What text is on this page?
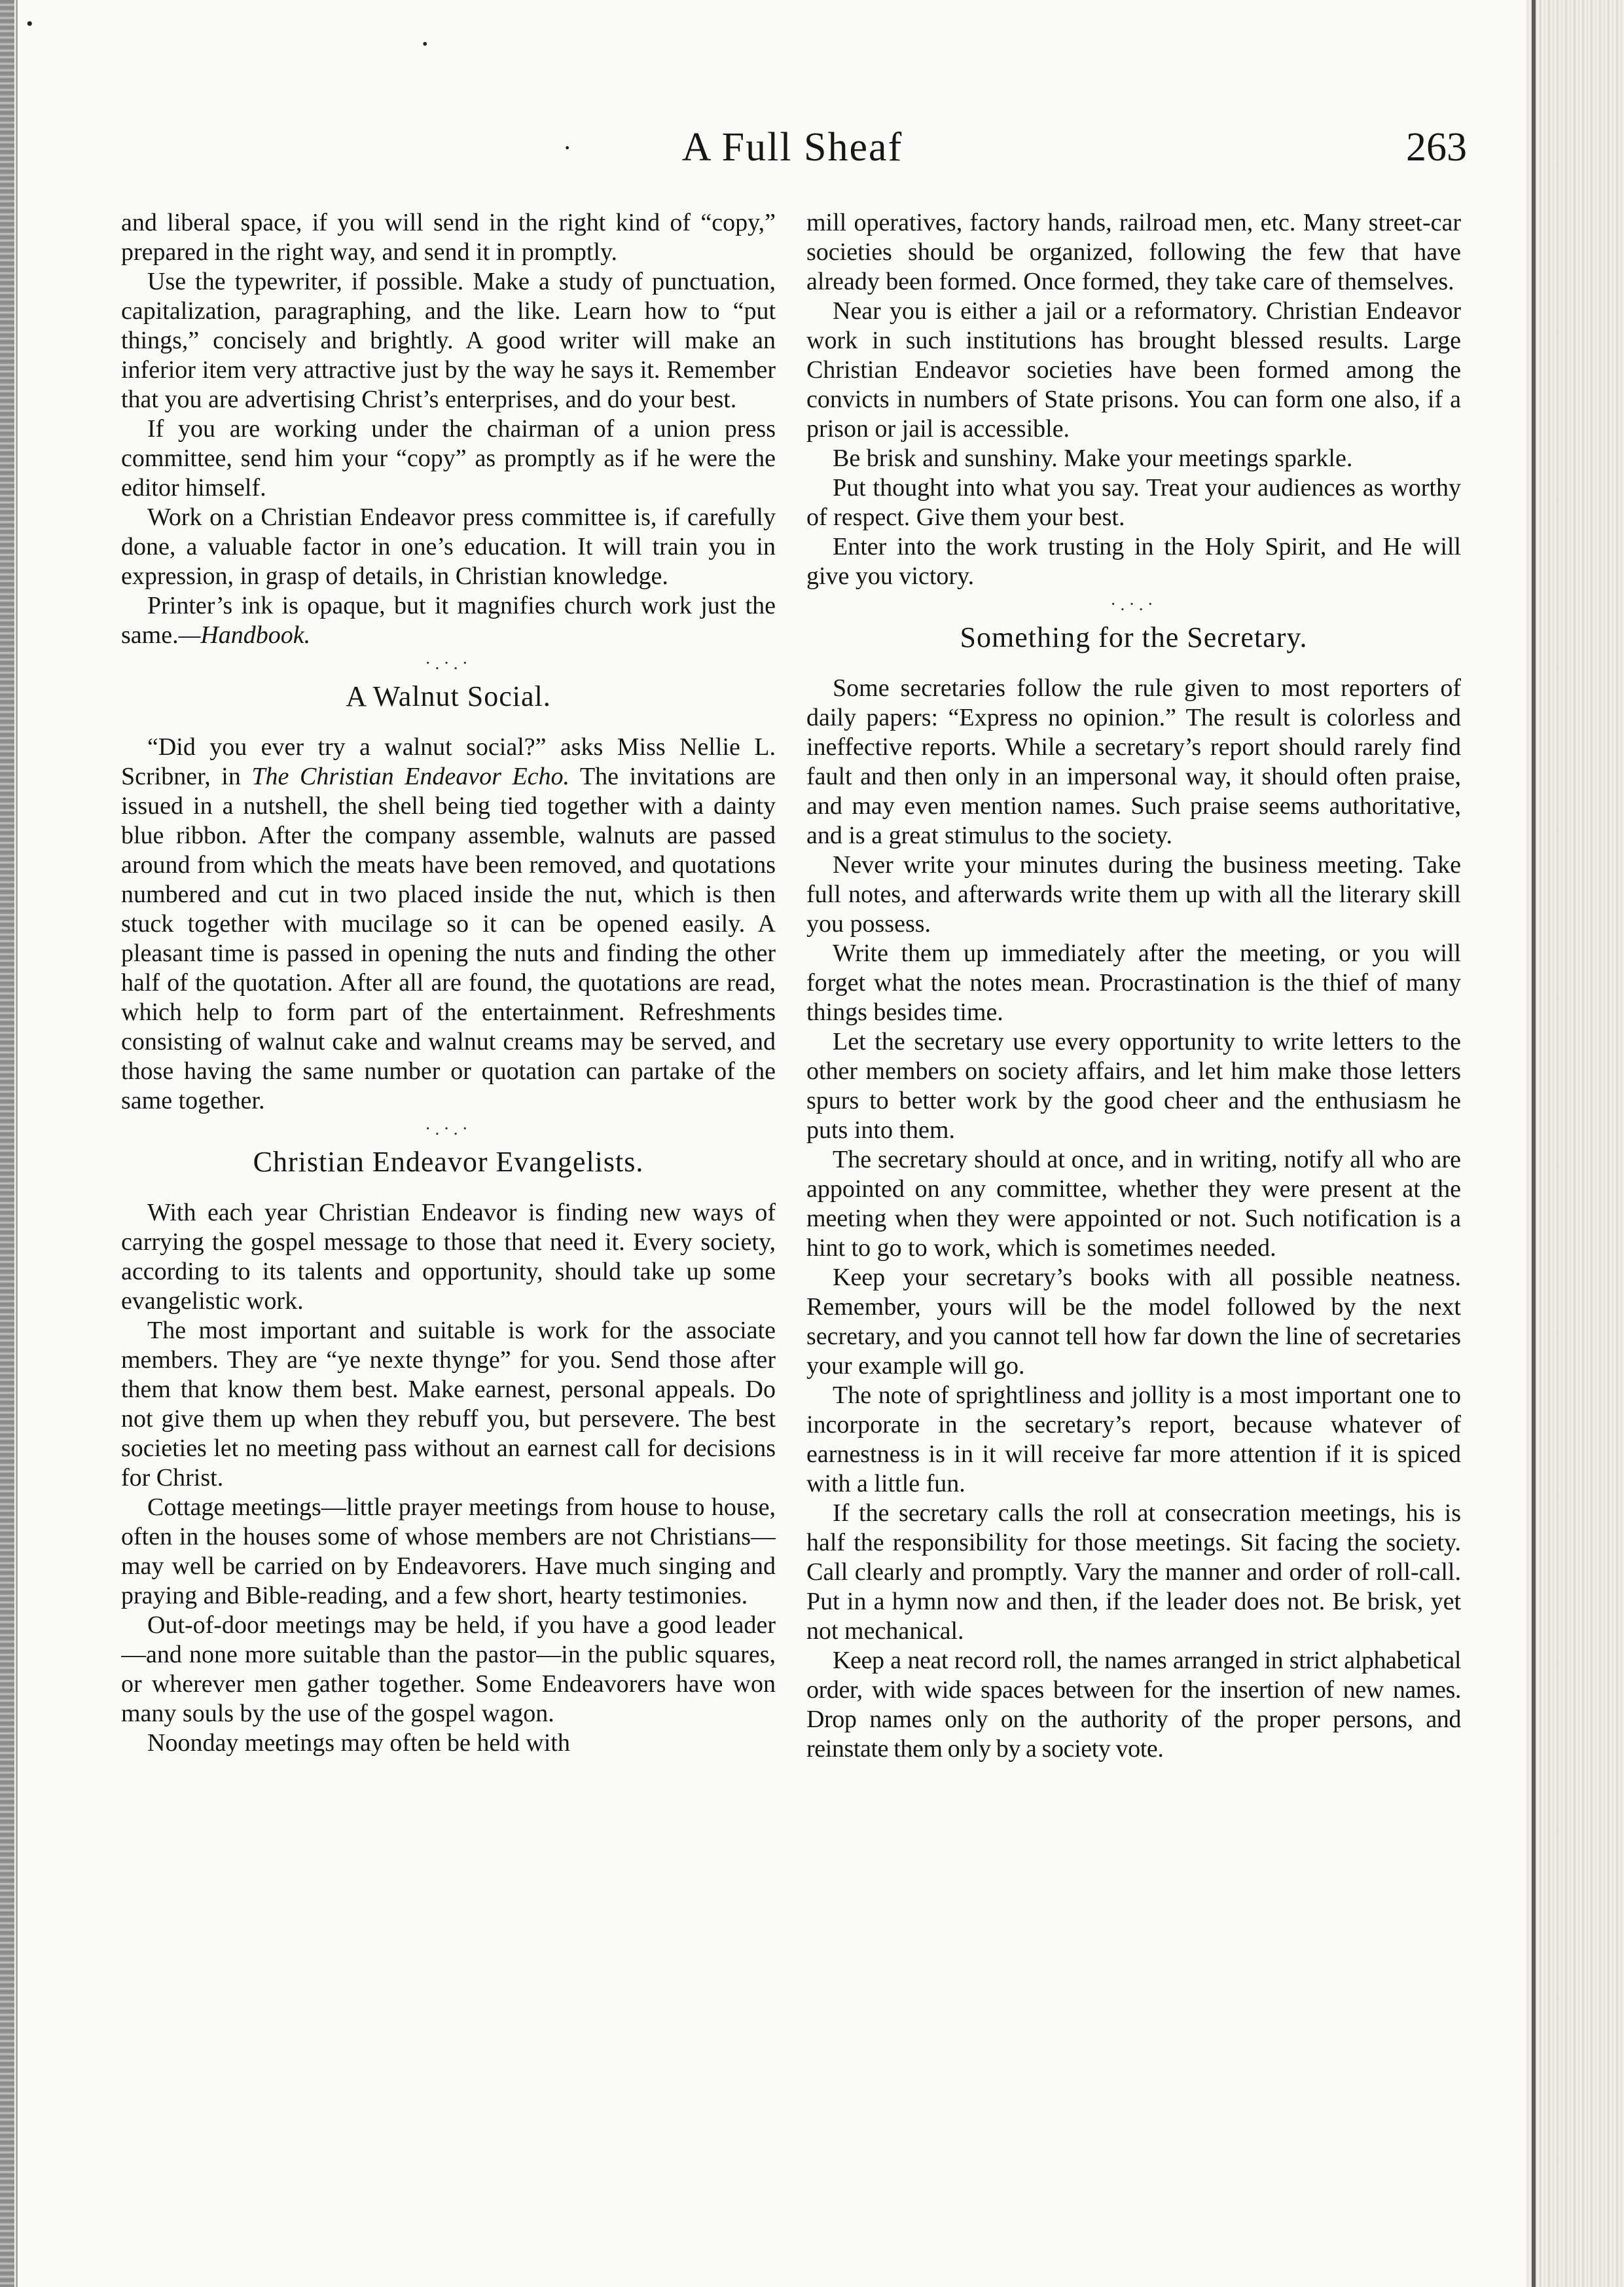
•
•
·	A Full Sheaf	263

and liberal space, if you will send in the right kind of “copy,” prepared in the right way, and send it in promptly.

Use the typewriter, if possible. Make a study of punctuation, capitalization, paragraphing, and the like. Learn how to “put things,” concisely and brightly. A good writer will make an inferior item very attractive just by the way he says it. Remember that you are advertising Christ’s enterprises, and do your best.

If you are working under the chairman of a union press committee, send him your “copy” as promptly as if he were the editor himself.

Work on a Christian Endeavor press committee is, if carefully done, a valuable factor in one’s education. It will train you in expression, in grasp of details, in Christian knowledge.

Printer’s ink is opaque, but it magnifies church work just the same.—Handbook.

·.·.·
A Walnut Social.

“Did you ever try a walnut social?” asks Miss Nellie L. Scribner, in The Christian Endeavor Echo. The invitations are issued in a nutshell, the shell being tied together with a dainty blue ribbon. After the company assemble, walnuts are passed around from which the meats have been removed, and quotations numbered and cut in two placed inside the nut, which is then stuck together with mucilage so it can be opened easily. A pleasant time is passed in opening the nuts and finding the other half of the quotation. After all are found, the quotations are read, which help to form part of the entertainment. Refreshments consisting of walnut cake and walnut creams may be served, and those having the same number or quotation can partake of the same together.

·.·.·
Christian Endeavor Evangelists.

With each year Christian Endeavor is finding new ways of carrying the gospel message to those that need it. Every society, according to its talents and opportunity, should take up some evangelistic work.

The most important and suitable is work for the associate members. They are “ye nexte thynge” for you. Send those after them that know them best. Make earnest, personal appeals. Do not give them up when they rebuff you, but persevere. The best societies let no meeting pass without an earnest call for decisions for Christ.

Cottage meetings—little prayer meetings from house to house, often in the houses some of whose members are not Christians—may well be carried on by Endeavorers. Have much singing and praying and Bible-reading, and a few short, hearty testimonies.

Out-of-door meetings may be held, if you have a good leader—and none more suitable than the pastor—in the public squares, or wherever men gather together. Some Endeavorers have won many souls by the use of the gospel wagon.

Noonday meetings may often be held with

mill operatives, factory hands, railroad men, etc. Many street-car societies should be organized, following the few that have already been formed. Once formed, they take care of themselves.

Near you is either a jail or a reformatory. Christian Endeavor work in such institutions has brought blessed results. Large Christian Endeavor societies have been formed among the convicts in numbers of State prisons. You can form one also, if a prison or jail is accessible.

Be brisk and sunshiny. Make your meetings sparkle.

Put thought into what you say. Treat your audiences as worthy of respect. Give them your best.

Enter into the work trusting in the Holy Spirit, and He will give you victory.

·.·.·
Something for the Secretary.

Some secretaries follow the rule given to most reporters of daily papers: “Express no opinion.” The result is colorless and ineffective reports. While a secretary’s report should rarely find fault and then only in an impersonal way, it should often praise, and may even mention names. Such praise seems authoritative, and is a great stimulus to the society.

Never write your minutes during the business meeting. Take full notes, and afterwards write them up with all the literary skill you possess.

Write them up immediately after the meeting, or you will forget what the notes mean. Procrastination is the thief of many things besides time.

Let the secretary use every opportunity to write letters to the other members on society affairs, and let him make those letters spurs to better work by the good cheer and the enthusiasm he puts into them.

The secretary should at once, and in writing, notify all who are appointed on any committee, whether they were present at the meeting when they were appointed or not. Such notification is a hint to go to work, which is sometimes needed.

Keep your secretary’s books with all possible neatness. Remember, yours will be the model followed by the next secretary, and you cannot tell how far down the line of secretaries your example will go.

The note of sprightliness and jollity is a most important one to incorporate in the secretary’s report, because whatever of earnestness is in it will receive far more attention if it is spiced with a little fun.

If the secretary calls the roll at consecration meetings, his is half the responsibility for those meetings. Sit facing the society. Call clearly and promptly. Vary the manner and order of roll-call. Put in a hymn now and then, if the leader does not. Be brisk, yet not mechanical.

Keep a neat record roll, the names arranged in strict alphabetical order, with wide spaces between for the insertion of new names. Drop names only on the authority of the proper persons, and reinstate them only by a society vote.
